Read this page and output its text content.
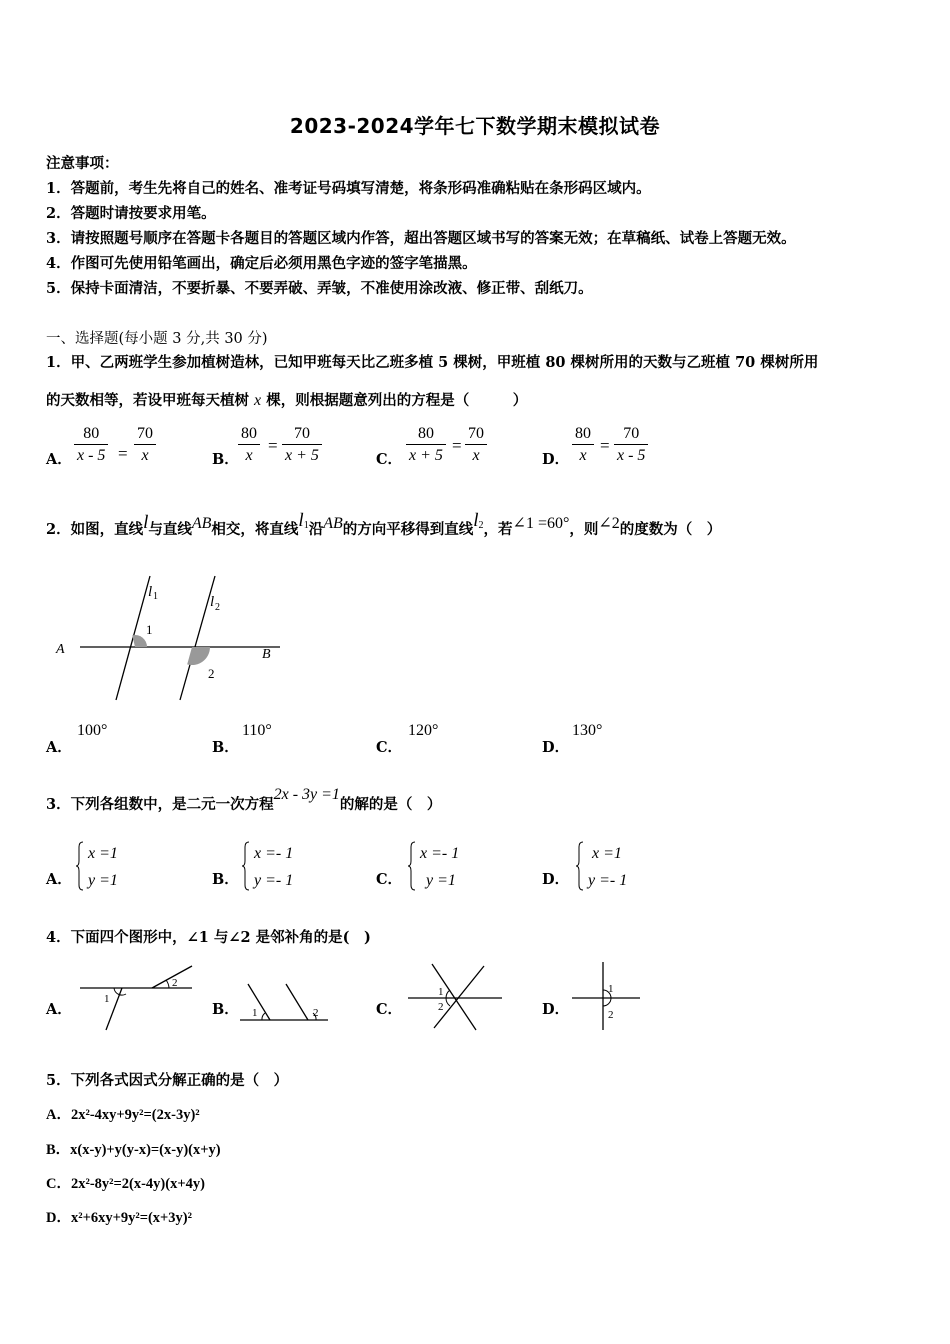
2023-2024学年七下数学期末模拟试卷
注意事项：
1．答题前，考生先将自己的姓名、准考证号码填写清楚，将条形码准确粘贴在条形码区域内。
2．答题时请按要求用笔。
3．请按照题号顺序在答题卡各题目的答题区域内作答，超出答题区域书写的答案无效；在草稿纸、试卷上答题无效。
4．作图可先使用铅笔画出，确定后必须用黑色字迹的签字笔描黑。
5．保持卡面清洁，不要折暴、不要弄破、弄皱，不准使用涂改液、修正带、刮纸刀。
一、选择题(每小题 3 分,共 30 分)
1．甲、乙两班学生参加植树造林，已知甲班每天比乙班多植 5 棵树，甲班植 80 棵树所用的天数与乙班植 70 棵树所用
的天数相等，若设甲班每天植树 x 棵，则根据题意列出的方程是（　　　）
A． $\frac{80}{x - 5} = \frac{70}{x}$	B． $\frac{80}{x} = \frac{70}{x + 5}$	C． $\frac{80}{x + 5} = \frac{70}{x}$	D． $\frac{80}{x} = \frac{70}{x - 5}$
2．如图，直线l与直线AB相交，将直线$l_1$沿AB的方向平移得到直线$l_2$，若∠1 =60°，则∠2的度数为（　）
A	B
l 1	l 2
1
2
A．
100°
B．
110°
C．
120°
D．
130°
3．下列各组数中，是二元一次方程2x - 3y =1的解的是（　）
A．
x =1
y =1	B．
x =- 1
y =- 1	C．
x =- 1
y =1	D．
x =1
y =- 1
4．下面四个图形中，∠1 与∠2 是邻补角的是(　)
A．
1
2
B． 1	2	C．
1
2	D．
1
2
5．下列各式因式分解正确的是（　）
A．2x²-4xy+9y²=(2x-3y)²
B．x(x-y)+y(y-x)=(x-y)(x+y)
C．2x²-8y²=2(x-4y)(x+4y)
D．x²+6xy+9y²=(x+3y)²
